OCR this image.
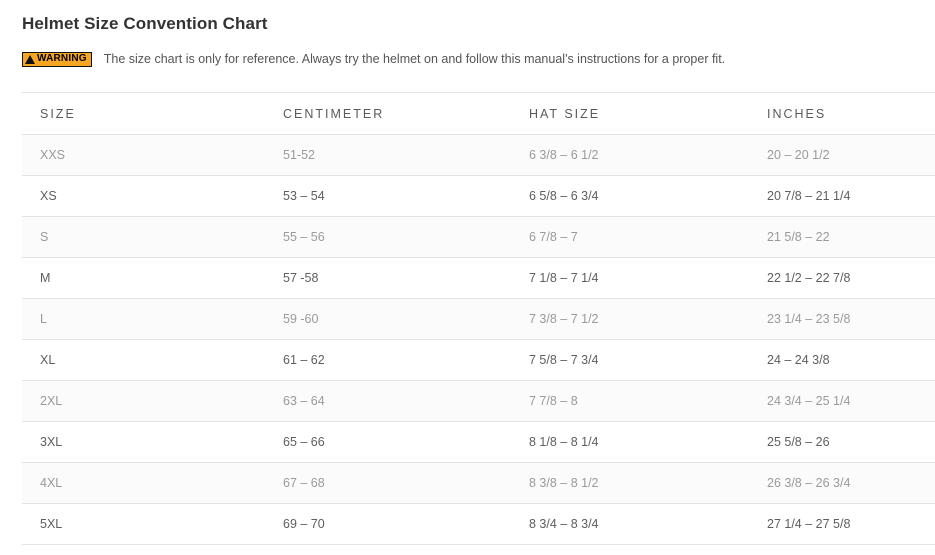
Helmet Size Convention Chart
WARNING The size chart is only for reference. Always try the helmet on and follow this manual's instructions for a proper fit.
SIZE	CENTIMETER	HAT SIZE	INCHES
XXS	51-52	6 3/8 – 6 1/2	20 – 20 1/2
XS	53 – 54	6 5/8 – 6 3/4	20 7/8 – 21 1/4
S	55 – 56	6 7/8 – 7	21 5/8 – 22
M	57 -58	7 1/8 – 7 1/4	22 1/2 – 22 7/8
L	59 -60	7 3/8 – 7 1/2	23 1/4 – 23 5/8
XL	61 – 62	7 5/8 – 7 3/4	24 – 24 3/8
2XL	63 – 64	7 7/8 – 8	24 3/4 – 25 1/4
3XL	65 – 66	8 1/8 – 8 1/4	25 5/8 – 26
4XL	67 – 68	8 3/8 – 8 1/2	26 3/8 – 26 3/4
5XL	69 – 70	8 3/4 – 8 3/4	27 1/4 – 27 5/8
